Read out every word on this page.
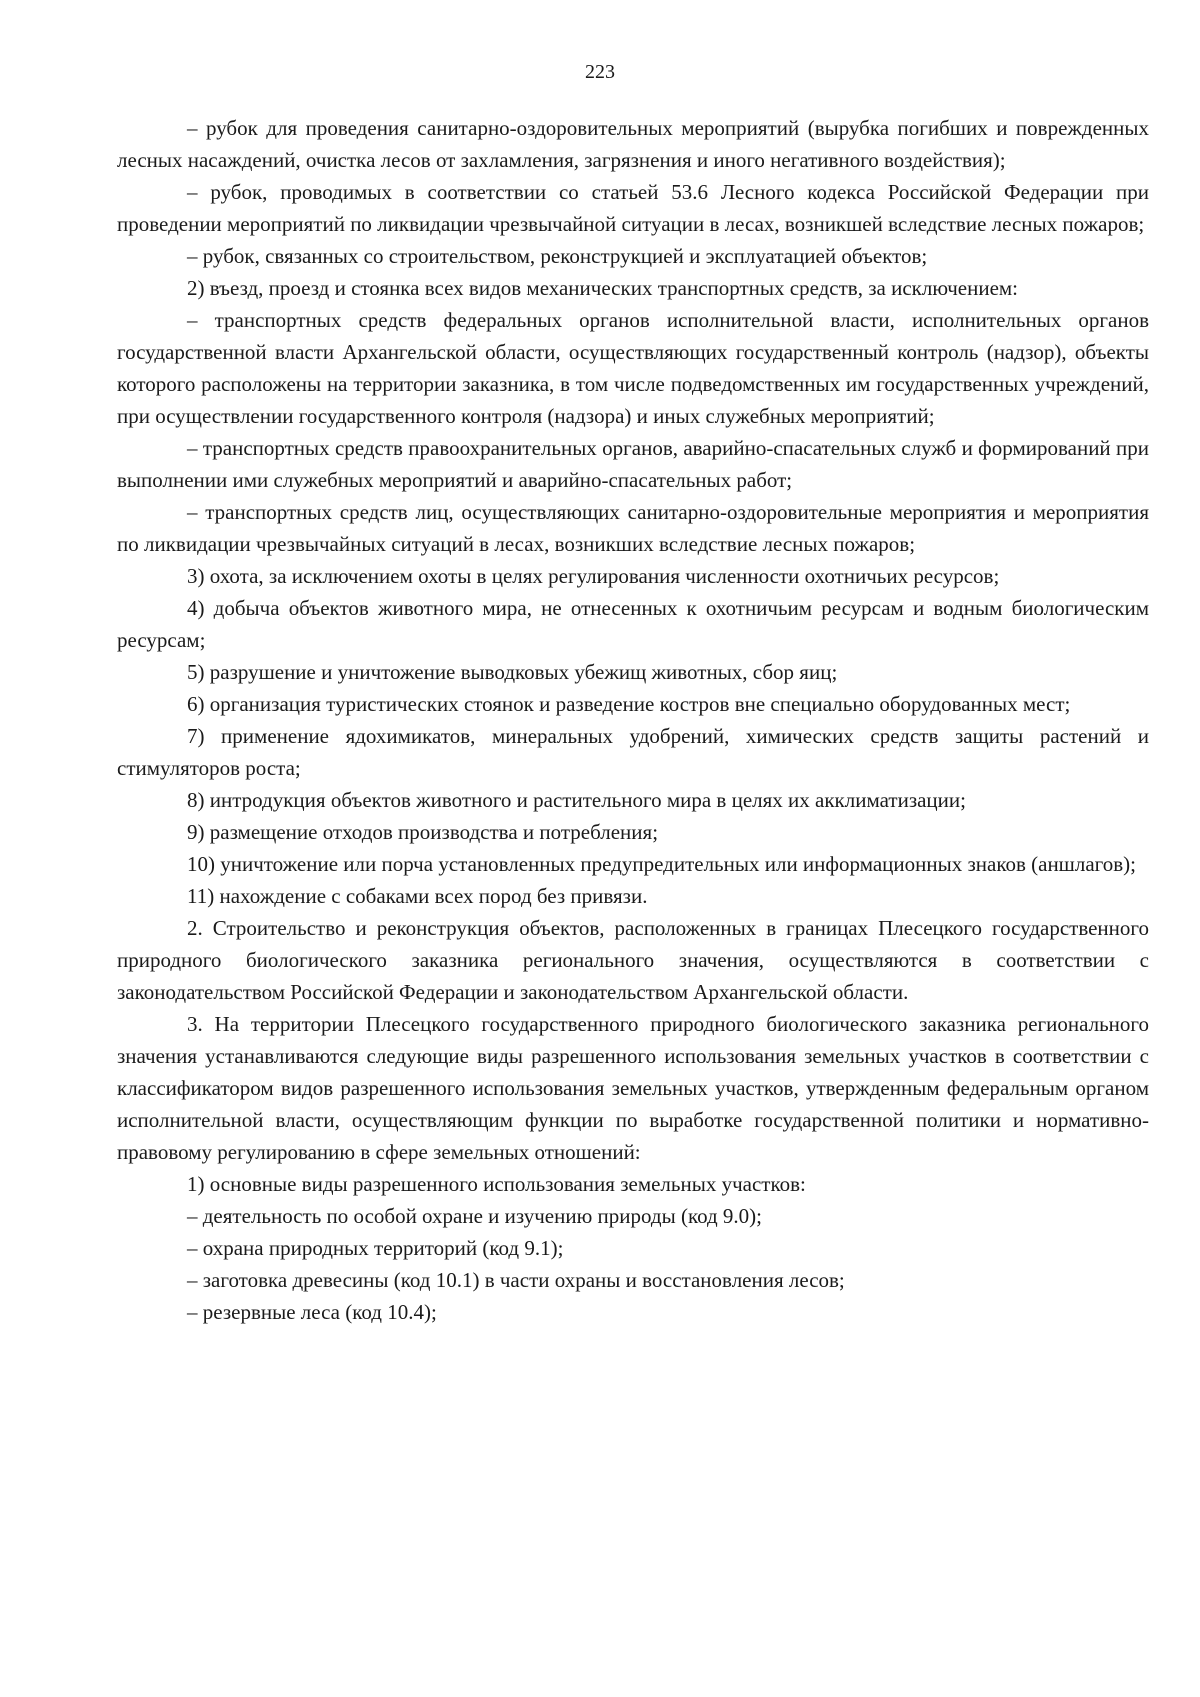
223

– рубок для проведения санитарно-оздоровительных мероприятий (вырубка погибших и поврежденных лесных насаждений, очистка лесов от захламления, загрязнения и иного негативного воздействия);

– рубок, проводимых в соответствии со статьей 53.6 Лесного кодекса Российской Федерации при проведении мероприятий по ликвидации чрезвычайной ситуации в лесах, возникшей вследствие лесных пожаров;

– рубок, связанных со строительством, реконструкцией и эксплуатацией объектов;

2) въезд, проезд и стоянка всех видов механических транспортных средств, за исключением:

– транспортных средств федеральных органов исполнительной власти, исполнительных органов государственной власти Архангельской области, осуществляющих государственный контроль (надзор), объекты которого расположены на территории заказника, в том числе подведомственных им государственных учреждений, при осуществлении государственного контроля (надзора) и иных служебных мероприятий;

– транспортных средств правоохранительных органов, аварийно-спасательных служб и формирований при выполнении ими служебных мероприятий и аварийно-спасательных работ;

– транспортных средств лиц, осуществляющих санитарно-оздоровительные мероприятия и мероприятия по ликвидации чрезвычайных ситуаций в лесах, возникших вследствие лесных пожаров;

3) охота, за исключением охоты в целях регулирования численности охотничьих ресурсов;

4) добыча объектов животного мира, не отнесенных к охотничьим ресурсам и водным биологическим ресурсам;

5) разрушение и уничтожение выводковых убежищ животных, сбор яиц;

6) организация туристических стоянок и разведение костров вне специально оборудованных мест;

7) применение ядохимикатов, минеральных удобрений, химических средств защиты растений и стимуляторов роста;

8) интродукция объектов животного и растительного мира в целях их акклиматизации;

9) размещение отходов производства и потребления;

10) уничтожение или порча установленных предупредительных или информационных знаков (аншлагов);

11) нахождение с собаками всех пород без привязи.

2. Строительство и реконструкция объектов, расположенных в границах Плесецкого государственного природного биологического заказника регионального значения, осуществляются в соответствии с законодательством Российской Федерации и законодательством Архангельской области.

3. На территории Плесецкого государственного природного биологического заказника регионального значения устанавливаются следующие виды разрешенного использования земельных участков в соответствии с классификатором видов разрешенного использования земельных участков, утвержденным федеральным органом исполнительной власти, осуществляющим функции по выработке государственной политики и нормативно-правовому регулированию в сфере земельных отношений:

1) основные виды разрешенного использования земельных участков:

– деятельность по особой охране и изучению природы (код 9.0);

– охрана природных территорий (код 9.1);

– заготовка древесины (код 10.1) в части охраны и восстановления лесов;

– резервные леса (код 10.4);
